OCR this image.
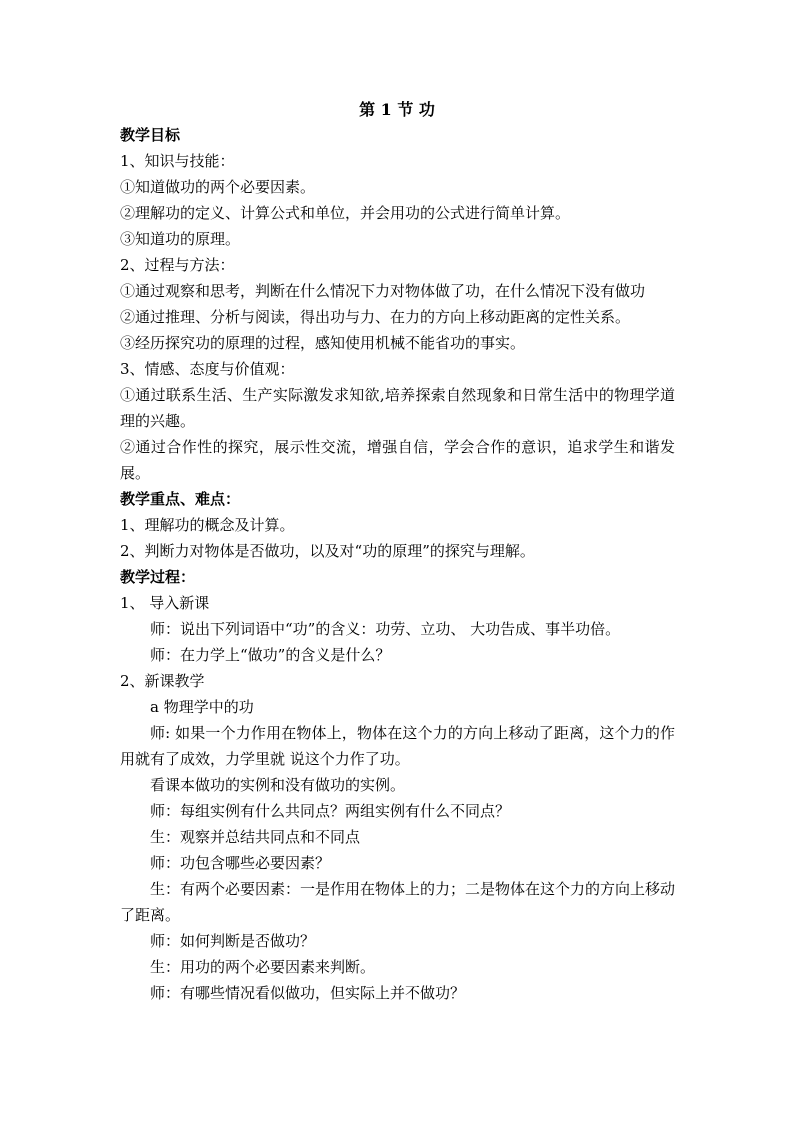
第 1 节 功
教学目标
1、知识与技能：
①知道做功的两个必要因素。
②理解功的定义、计算公式和单位，并会用功的公式进行简单计算。
③知道功的原理。
2、过程与方法：
①通过观察和思考，判断在什么情况下力对物体做了功，在什么情况下没有做功
②通过推理、分析与阅读，得出功与力、在力的方向上移动距离的定性关系。
③经历探究功的原理的过程，感知使用机械不能省功的事实。
3、情感、态度与价值观：
①通过联系生活、生产实际激发求知欲,培养探索自然现象和日常生活中的物理学道理的兴趣。
②通过合作性的探究，展示性交流，增强自信，学会合作的意识，追求学生和谐发展。
教学重点、难点：
1、理解功的概念及计算。
2、判断力对物体是否做功，以及对“功的原理”的探究与理解。
教学过程：
1、 导入新课
师：说出下列词语中“功”的含义：功劳、立功、 大功告成、事半功倍。
师：在力学上“做功”的含义是什么？
2、新课教学
a 物理学中的功
师: 如果一个力作用在物体上，物体在这个力的方向上移动了距离，这个力的作用就有了成效，力学里就 说这个力作了功。
看课本做功的实例和没有做功的实例。
师：每组实例有什么共同点？两组实例有什么不同点？
生：观察并总结共同点和不同点
师：功包含哪些必要因素？
生：有两个必要因素：一是作用在物体上的力；二是物体在这个力的方向上移动了距离。
师：如何判断是否做功？
生：用功的两个必要因素来判断。
师：有哪些情况看似做功，但实际上并不做功？
